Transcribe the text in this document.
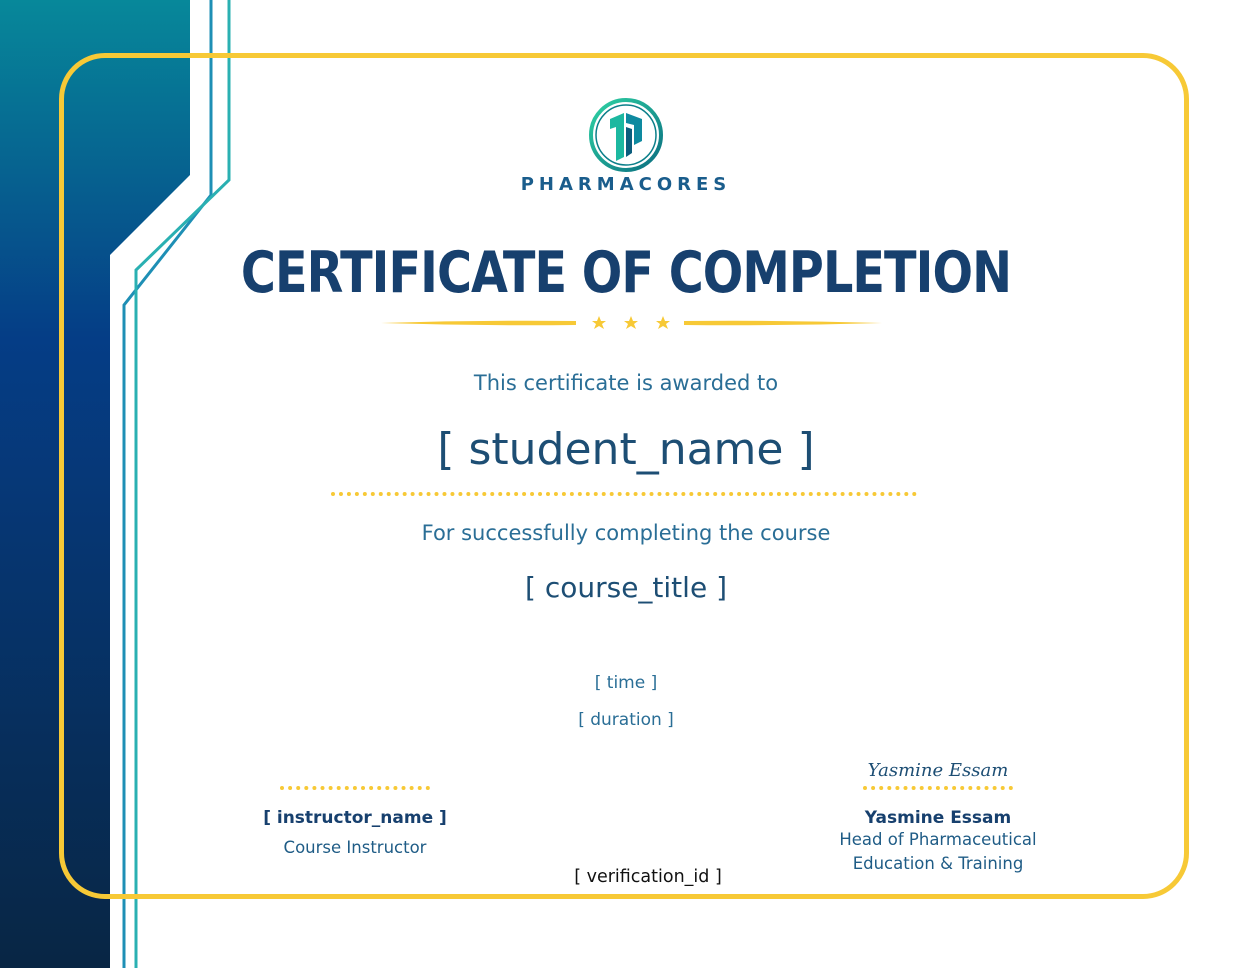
PHARMACORES
CERTIFICATE OF COMPLETION
This certificate is awarded to
[ student_name ]
For successfully completing the course
[ course_title ]
[ time ]
[ duration ]
[ instructor_name ]
Course Instructor
Yasmine Essam
Yasmine Essam
Head of Pharmaceutical
Education & Training
[ verification_id ]
